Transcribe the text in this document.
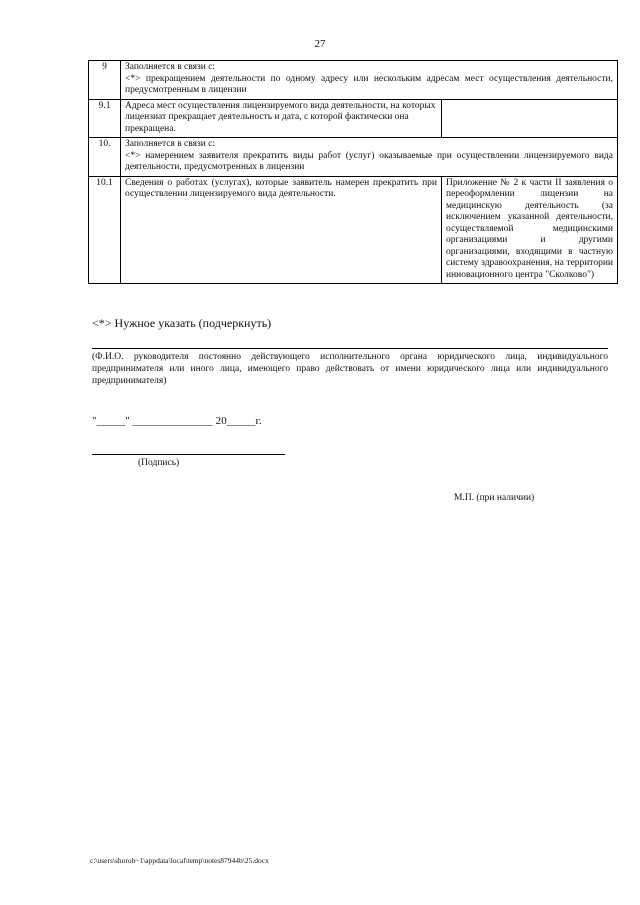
27
9	Заполняется в связи с:
<*> прекращением деятельности по одному адресу или нескольким адресам мест осуществления деятельности, предусмотренным в лицензии	

9.1	Адреса мест осуществления лицензируемого вида деятельности, на которых лицензиат прекращает деятельность и дата, с которой фактически она прекращена.	
10.	Заполняется в связи с:
<*> намерением заявителя прекратить виды работ (услуг) оказываемые при осуществлении лицензируемого вида деятельности, предусмотренных в лицензии	

10.1	Сведения о работах (услугах), которые заявитель намерен прекратить при осуществлении лицензируемого вида деятельности.	Приложение № 2 к части II заявления о переоформлении лицензии на медицинскую деятельность (за исключением указанной деятельности, осуществляемой медицинскими организациями и другими организациями, входящими в частную систему здравоохранения, на территории инновационного центра "Сколково")
<*> Нужное указать (подчеркнуть)
(Ф.И.О. руководителя постоянно действующего исполнительного органа юридического лица, индивидуального предпринимателя или иного лица, имеющего право действовать от имени юридического лица или индивидуального предпринимателя)
"_____" ______________ 20_____г.
(Подпись)
М.П. (при наличии)
c:\users\shoroh~1\appdata\local\temp\notes87944b\25.docx
